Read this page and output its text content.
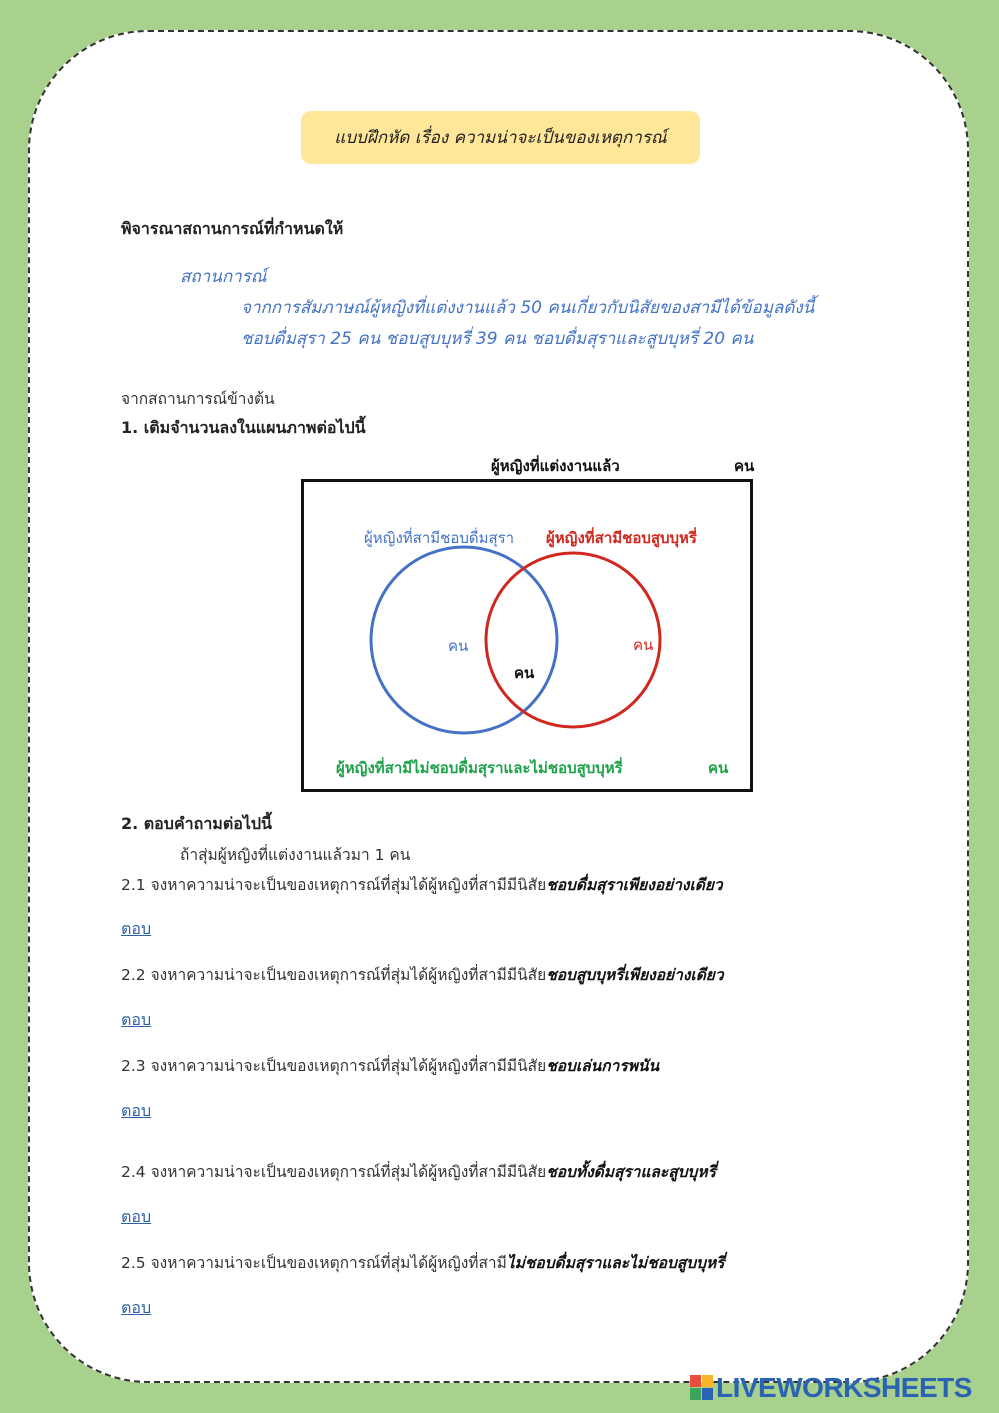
แบบฝึกหัด เรื่อง ความน่าจะเป็นของเหตุการณ์
พิจารณาสถานการณ์ที่กำหนดให้
สถานการณ์
จากการสัมภาษณ์ผู้หญิงที่แต่งงานแล้ว 50 คนเกี่ยวกับนิสัยของสามีได้ข้อมูลดังนี้
ชอบดื่มสุรา 25 คน ชอบสูบบุหรี่ 39 คน ชอบดื่มสุราและสูบบุหรี่ 20 คน
จากสถานการณ์ข้างต้น
1. เติมจำนวนลงในแผนภาพต่อไปนี้
ผู้หญิงที่แต่งงานแล้ว	คน
ผู้หญิงที่สามีชอบดื่มสุรา ผู้หญิงที่สามีชอบสูบบุหรี่
คน
คน
คน
ผู้หญิงที่สามีไม่ชอบดื่มสุราและไม่ชอบสูบบุหรี่	คน
2. ตอบคำถามต่อไปนี้
ถ้าสุ่มผู้หญิงที่แต่งงานแล้วมา 1 คน
2.1 จงหาความน่าจะเป็นของเหตุการณ์ที่สุ่มได้ผู้หญิงที่สามีมีนิสัยชอบดื่มสุราเพียงอย่างเดียว
ตอบ
2.2 จงหาความน่าจะเป็นของเหตุการณ์ที่สุ่มได้ผู้หญิงที่สามีมีนิสัยชอบสูบบุหรี่เพียงอย่างเดียว
ตอบ
2.3 จงหาความน่าจะเป็นของเหตุการณ์ที่สุ่มได้ผู้หญิงที่สามีมีนิสัยชอบเล่นการพนัน
ตอบ
2.4 จงหาความน่าจะเป็นของเหตุการณ์ที่สุ่มได้ผู้หญิงที่สามีมีนิสัยชอบทั้งดื่มสุราและสูบบุหรี่
ตอบ
2.5 จงหาความน่าจะเป็นของเหตุการณ์ที่สุ่มได้ผู้หญิงที่สามีไม่ชอบดื่มสุราและไม่ชอบสูบบุหรี่
ตอบ
LIVEWORKSHEETS
